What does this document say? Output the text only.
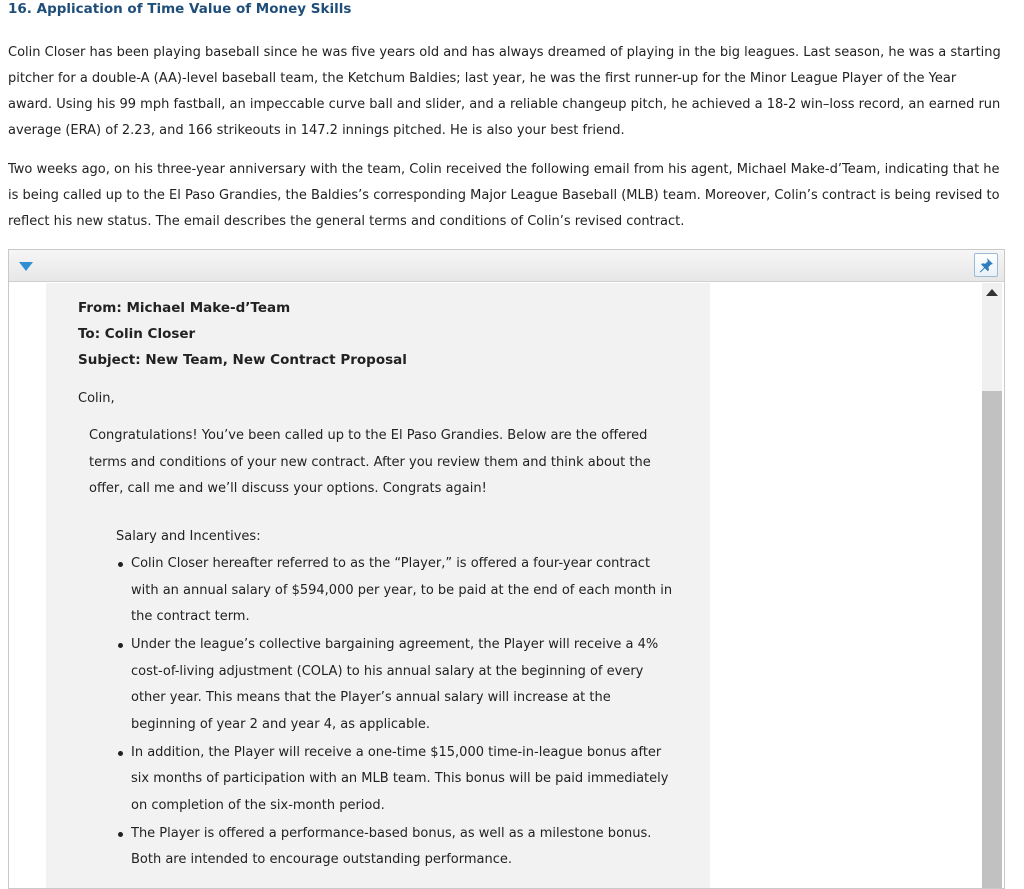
16. Application of Time Value of Money Skills

Colin Closer has been playing baseball since he was five years old and has always dreamed of playing in the big leagues. Last season, he was a starting pitcher for a double-A (AA)-level baseball team, the Ketchum Baldies; last year, he was the first runner-up for the Minor League Player of the Year award. Using his 99 mph fastball, an impeccable curve ball and slider, and a reliable changeup pitch, he achieved a 18-2 win–loss record, an earned run average (ERA) of 2.23, and 166 strikeouts in 147.2 innings pitched. He is also your best friend.

Two weeks ago, on his three-year anniversary with the team, Colin received the following email from his agent, Michael Make-d’Team, indicating that he is being called up to the El Paso Grandies, the Baldies’s corresponding Major League Baseball (MLB) team. Moreover, Colin’s contract is being revised to reflect his new status. The email describes the general terms and conditions of Colin’s revised contract.

From: Michael Make-d’Team

To: Colin Closer

Subject: New Team, New Contract Proposal

Colin,

Congratulations! You’ve been called up to the El Paso Grandies. Below are the offered terms and conditions of your new contract. After you review them and think about the offer, call me and we’ll discuss your options. Congrats again!

Salary and Incentives:

Colin Closer hereafter referred to as the “Player,” is offered a four-year contract with an annual salary of $594,000 per year, to be paid at the end of each month in the contract term.
Under the league’s collective bargaining agreement, the Player will receive a 4% cost-of-living adjustment (COLA) to his annual salary at the beginning of every other year. This means that the Player’s annual salary will increase at the beginning of year 2 and year 4, as applicable.
In addition, the Player will receive a one-time $15,000 time-in-league bonus after six months of participation with an MLB team. This bonus will be paid immediately on completion of the six-month period.
The Player is offered a performance-based bonus, as well as a milestone bonus. Both are intended to encourage outstanding performance.
